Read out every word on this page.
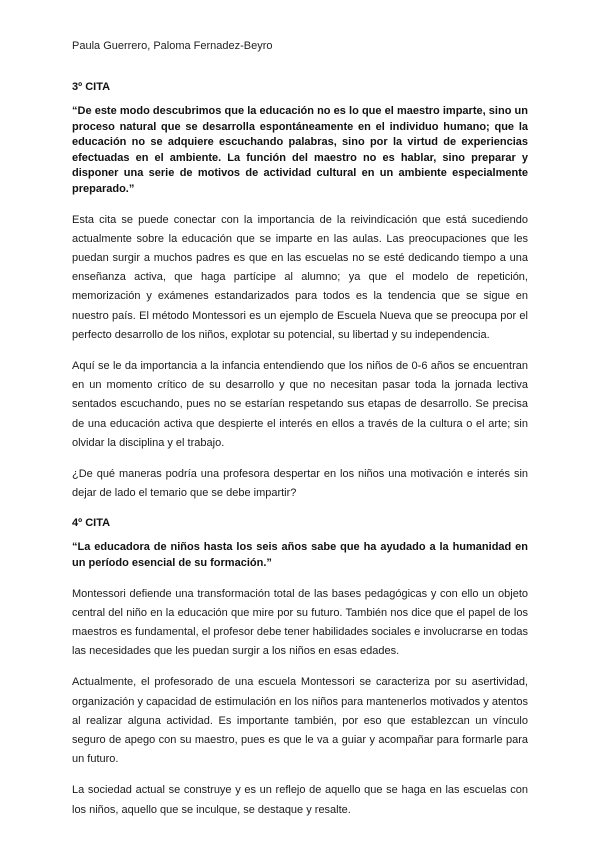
Paula Guerrero, Paloma Fernadez-Beyro
3º CITA
“De este modo descubrimos que la educación no es lo que el maestro imparte, sino un proceso natural que se desarrolla espontáneamente en el individuo humano; que la educación no se adquiere escuchando palabras, sino por la virtud de experiencias efectuadas en el ambiente. La función del maestro no es hablar, sino preparar y disponer una serie de motivos de actividad cultural en un ambiente especialmente preparado.”
Esta cita se puede conectar con la importancia de la reivindicación que está sucediendo actualmente sobre la educación que se imparte en las aulas. Las preocupaciones que les puedan surgir a muchos padres es que en las escuelas no se esté dedicando tiempo a una enseñanza activa, que haga partícipe al alumno; ya que el modelo de repetición, memorización y exámenes estandarizados para todos es la tendencia que se sigue en nuestro país. El método Montessori es un ejemplo de Escuela Nueva que se preocupa por el perfecto desarrollo de los niños, explotar su potencial, su libertad y su independencia.
Aquí se le da importancia a la infancia entendiendo que los niños de 0-6 años se encuentran en un momento crítico de su desarrollo y que no necesitan pasar toda la jornada lectiva sentados escuchando, pues no se estarían respetando sus etapas de desarrollo. Se precisa de una educación activa que despierte el interés en ellos a través de la cultura o el arte; sin olvidar la disciplina y el trabajo.
¿De qué maneras podría una profesora despertar en los niños una motivación e interés sin dejar de lado el temario que se debe impartir?
4º CITA
“La educadora de niños hasta los seis años sabe que ha ayudado a la humanidad en un período esencial de su formación.”
Montessori defiende una transformación total de las bases pedagógicas y con ello un objeto central del niño en la educación que mire por su futuro. También nos dice que el papel de los maestros es fundamental, el profesor debe tener habilidades sociales e involucrarse en todas las necesidades que les puedan surgir a los niños en esas edades.
Actualmente, el profesorado de una escuela Montessori se caracteriza por su asertividad, organización y capacidad de estimulación en los niños para mantenerlos motivados y atentos al realizar alguna actividad. Es importante también, por eso que establezcan un vínculo seguro de apego con su maestro, pues es que le va a guiar y acompañar para formarle para un futuro.
La sociedad actual se construye y es un reflejo de aquello que se haga en las escuelas con los niños, aquello que se inculque, se destaque y resalte.
